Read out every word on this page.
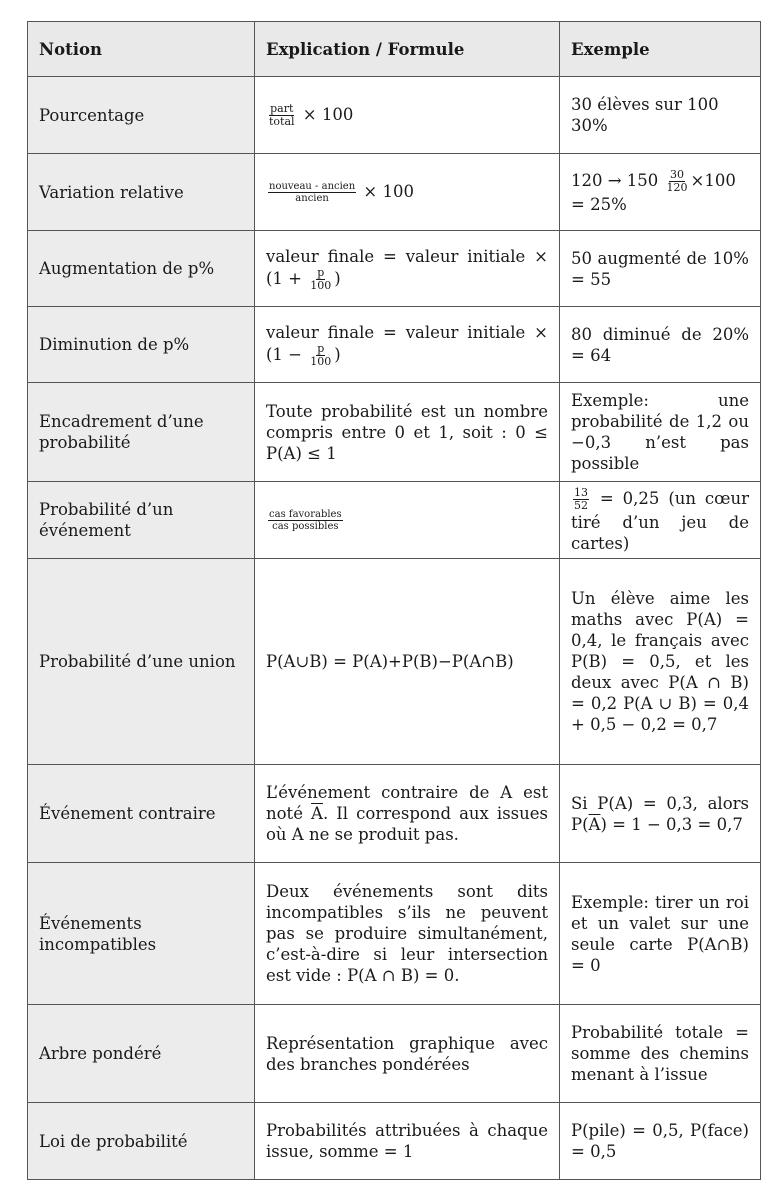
Notion	Explication / Formule	Exemple
Pourcentage	$\frac{\text{part}}{\text{total}} \times 100$	30 élèves sur 100 30%
Variation relative	$\frac{\text{nouveau - ancien}}{\text{ancien}} \times 100$	$120 \to 150 \frac{30}{120} \times 100 = 25\%$
Augmentation de p%	valeur finale = valeur initiale × ($1 + \frac{p}{100}$ )	50 augmenté de 10% = 55
Diminution de p%	valeur finale = valeur initiale × ($1 - \frac{p}{100}$ )	80 diminué de 20% = 64
Encadrement d’une probabilité	Toute probabilité est un nombre compris entre 0 et 1, soit : 0 ≤ P(A) ≤ 1	Exemple: une probabilité de 1,2 ou −0,3 n’est pas possible
Probabilité d’un événement	$\frac{\text{cas favorables}}{\text{cas possibles}}$	$\frac{13}{52} = 0,25$ (un cœur tiré d’un jeu de cartes)
Probabilité d’une union	P(A∪B) = P(A)+P(B)−P(A∩B)	Un élève aime les maths avec P(A) = 0,4, le français avec P(B) = 0,5, et les deux avec P(A ∩ B) = 0,2 P(A ∪ B) = 0,4 + 0,5 − 0,2 = 0,7
Événement contraire	L’événement contraire de A est noté $\overline{A}$. Il correspond aux issues où A ne se produit pas.	Si P(A) = 0,3, alors $P(\overline{A}) = 1 - 0,3 = 0,7$
Événements incompatibles	Deux événements sont dits incompatibles s’ils ne peuvent pas se produire simultanément, c’est-à-dire si leur intersection est vide : P(A ∩ B) = 0.	Exemple: tirer un roi et un valet sur une seule carte P(A∩B) = 0
Arbre pondéré	Représentation graphique avec des branches pondérées	Probabilité totale = somme des chemins menant à l’issue
Loi de probabilité	Probabilités attribuées à chaque issue, somme = 1	P(pile) = 0,5, P(face) = 0,5
